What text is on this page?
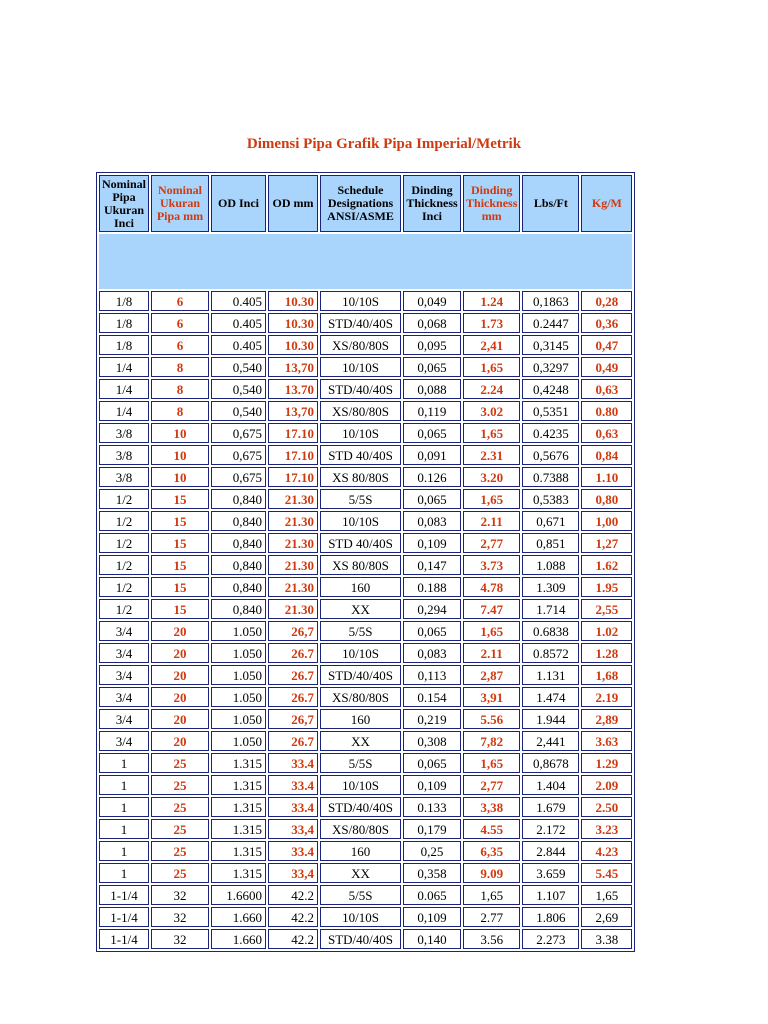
Dimensi Pipa Grafik Pipa Imperial/Metrik
Nominal Pipa Ukuran Inci	Nominal Ukuran Pipa mm	OD Inci	OD mm	Schedule Designations ANSI/ASME	Dinding Thickness Inci	Dinding Thickness mm	Lbs/Ft	Kg/M

1/8	6	0.405	10.30	10/10S	0,049	1.24	0,1863	0,28
1/8	6	0.405	10.30	STD/40/40S	0,068	1.73	0.2447	0,36
1/8	6	0.405	10.30	XS/80/80S	0,095	2,41	0,3145	0,47
1/4	8	0,540	13,70	10/10S	0,065	1,65	0,3297	0,49
1/4	8	0,540	13.70	STD/40/40S	0,088	2.24	0,4248	0,63
1/4	8	0,540	13,70	XS/80/80S	0,119	3.02	0,5351	0.80
3/8	10	0,675	17.10	10/10S	0,065	1,65	0.4235	0,63
3/8	10	0,675	17.10	STD 40/40S	0,091	2.31	0,5676	0,84
3/8	10	0,675	17.10	XS 80/80S	0.126	3.20	0.7388	1.10
1/2	15	0,840	21.30	5/5S	0,065	1,65	0,5383	0,80
1/2	15	0,840	21.30	10/10S	0,083	2.11	0,671	1,00
1/2	15	0,840	21.30	STD 40/40S	0,109	2,77	0,851	1,27
1/2	15	0,840	21.30	XS 80/80S	0,147	3.73	1.088	1.62
1/2	15	0,840	21.30	160	0.188	4.78	1.309	1.95
1/2	15	0,840	21.30	XX	0,294	7.47	1.714	2,55
3/4	20	1.050	26,7	5/5S	0,065	1,65	0.6838	1.02
3/4	20	1.050	26.7	10/10S	0,083	2.11	0.8572	1.28
3/4	20	1.050	26.7	STD/40/40S	0,113	2,87	1.131	1,68
3/4	20	1.050	26.7	XS/80/80S	0.154	3,91	1.474	2.19
3/4	20	1.050	26,7	160	0,219	5.56	1.944	2,89
3/4	20	1.050	26.7	XX	0,308	7,82	2,441	3.63
1	25	1.315	33.4	5/5S	0,065	1,65	0,8678	1.29
1	25	1.315	33.4	10/10S	0,109	2,77	1.404	2.09
1	25	1.315	33.4	STD/40/40S	0.133	3,38	1.679	2.50
1	25	1.315	33,4	XS/80/80S	0,179	4.55	2.172	3.23
1	25	1.315	33.4	160	0,25	6,35	2.844	4.23
1	25	1.315	33,4	XX	0,358	9.09	3.659	5.45
1-1/4	32	1.6600	42.2	5/5S	0.065	1,65	1.107	1,65
1-1/4	32	1.660	42.2	10/10S	0,109	2.77	1.806	2,69
1-1/4	32	1.660	42.2	STD/40/40S	0,140	3.56	2.273	3.38
